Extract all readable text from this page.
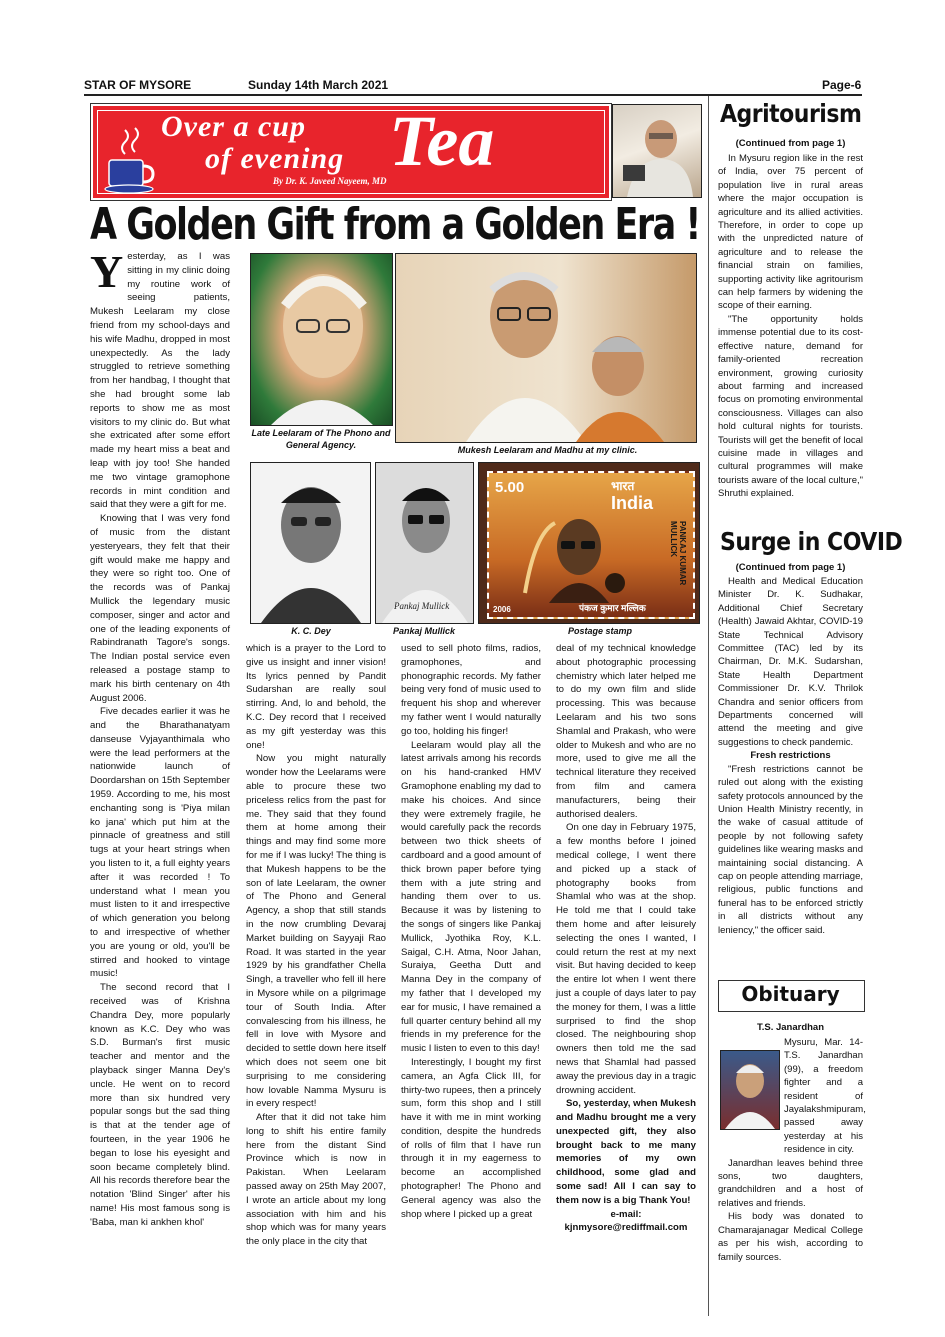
STAR OF MYSORE	Sunday 14th March 2021	Page-6
Over a cup
of evening Tea
By Dr. K. Javeed Nayeem, MD
A Golden Gift from a Golden Era !
Late Leelaram of The Phono and General Agency.	Mukesh Leelaram and Madhu at my clinic.
K. C. Dey
Pankaj Mullick
Pankaj Mullick
5.00	भारत
India
PANKAJ KUMAR MULLICK
2006	पंकज कुमार मल्लिक
Postage stamp

Yesterday, as I was sitting in my clinic doing my routine work of seeing patients, Mukesh Leelaram my close friend from my school-days and his wife Madhu, dropped in most unexpectedly. As the lady struggled to retrieve something from her handbag, I thought that she had brought some lab reports to show me as most visitors to my clinic do. But what she extricated after some effort made my heart miss a beat and leap with joy too! She handed me two vintage gramophone records in mint condition and said that they were a gift for me.

Knowing that I was very fond of music from the distant yesteryears, they felt that their gift would make me happy and they were so right too. One of the records was of Pankaj Mullick the legendary music composer, singer and actor and one of the leading exponents of Rabindranath Tagore's songs. The Indian postal service even released a postage stamp to mark his birth centenary on 4th August 2006.

Five decades earlier it was he and the Bharathanatyam danseuse Vyjayanthimala who were the lead performers at the nationwide launch of Doordarshan on 15th September 1959. According to me, his most enchanting song is 'Piya milan ko jana' which put him at the pinnacle of greatness and still tugs at your heart strings when you listen to it, a full eighty years after it was recorded ! To understand what I mean you must listen to it and irrespective of which generation you belong to and irrespective of whether you are young or old, you'll be stirred and hooked to vintage music!

The second record that I received was of Krishna Chandra Dey, more popularly known as K.C. Dey who was S.D. Burman's first music teacher and mentor and the playback singer Manna Dey's uncle. He went on to record more than six hundred very popular songs but the sad thing is that at the tender age of fourteen, in the year 1906 he began to lose his eyesight and soon became completely blind. All his records therefore bear the notation 'Blind Singer' after his name! His most famous song is 'Baba, man ki ankhen khol'

which is a prayer to the Lord to give us insight and inner vision! Its lyrics penned by Pandit Sudarshan are really soul stirring. And, lo and behold, the K.C. Dey record that I received as my gift yesterday was this one!

Now you might naturally wonder how the Leelarams were able to procure these two priceless relics from the past for me. They said that they found them at home among their things and may find some more for me if I was lucky! The thing is that Mukesh happens to be the son of late Leelaram, the owner of The Phono and General Agency, a shop that still stands in the now crumbling Devaraj Market building on Sayyaji Rao Road. It was started in the year 1929 by his grandfather Chella Singh, a traveller who fell ill here in Mysore while on a pilgrimage tour of South India. After convalescing from his illness, he fell in love with Mysore and decided to settle down here itself which does not seem one bit surprising to me considering how lovable Namma Mysuru is in every respect!

After that it did not take him long to shift his entire family here from the distant Sind Province which is now in Pakistan. When Leelaram passed away on 25th May 2007, I wrote an article about my long association with him and his shop which was for many years the only place in the city that

used to sell photo films, radios, gramophones, and phonographic records. My father being very fond of music used to frequent his shop and wherever my father went I would naturally go too, holding his finger!

Leelaram would play all the latest arrivals among his records on his hand-cranked HMV Gramophone enabling my dad to make his choices. And since they were extremely fragile, he would carefully pack the records between two thick sheets of cardboard and a good amount of thick brown paper before tying them with a jute string and handing them over to us. Because it was by listening to the songs of singers like Pankaj Mullick, Jyothika Roy, K.L. Saigal, C.H. Atma, Noor Jahan, Suraiya, Geetha Dutt and Manna Dey in the company of my father that I developed my ear for music, I have remained a full quarter century behind all my friends in my preference for the music I listen to even to this day!

Interestingly, I bought my first camera, an Agfa Click III, for thirty-two rupees, then a princely sum, form this shop and I still have it with me in mint working condition, despite the hundreds of rolls of film that I have run through it in my eagerness to become an accomplished photographer! The Phono and General agency was also the shop where I picked up a great

deal of my technical knowledge about photographic processing chemistry which later helped me to do my own film and slide processing. This was because Leelaram and his two sons Shamlal and Prakash, who were older to Mukesh and who are no more, used to give me all the technical literature they received from film and camera manufacturers, being their authorised dealers.

On one day in February 1975, a few months before I joined medical college, I went there and picked up a stack of photography books from Shamlal who was at the shop. He told me that I could take them home and after leisurely selecting the ones I wanted, I could return the rest at my next visit. But having decided to keep the entire lot when I went there just a couple of days later to pay the money for them, I was a little surprised to find the shop closed. The neighbouring shop owners then told me the sad news that Shamlal had passed away the previous day in a tragic drowning accident.

So, yesterday, when Mukesh and Madhu brought me a very unexpected gift, they also brought back to me many memories of my own childhood, some glad and some sad! All I can say to them now is a big Thank You!

e-mail:
kjnmysore@rediffmail.com
Agritourism
(Continued from page 1)

In Mysuru region like in the rest of India, over 75 percent of population live in rural areas where the major occupation is agriculture and its allied activities. Therefore, in order to cope up with the unpredicted nature of agriculture and to release the financial strain on families, supporting activity like agritourism can help farmers by widening the scope of their earning.

"The opportunity holds immense potential due to its cost-effective nature, demand for family-oriented recreation environment, growing curiosity about farming and increased focus on promoting environmental consciousness. Villages can also hold cultural nights for tourists. Tourists will get the benefit of local cuisine made in villages and cultural programmes will make tourists aware of the local culture," Shruthi explained.

Surge in COVID
(Continued from page 1)

Health and Medical Education Minister Dr. K. Sudhakar, Additional Chief Secretary (Health) Jawaid Akhtar, COVID-19 State Technical Advisory Committee (TAC) led by its Chairman, Dr. M.K. Sudarshan, State Health Department Commissioner Dr. K.V. Thrilok Chandra and senior officers from Departments concerned will attend the meeting and give suggestions to check pandemic.

Fresh restrictions

"Fresh restrictions cannot be ruled out along with the existing safety protocols announced by the Union Health Ministry recently, in the wake of casual attitude of people by not following safety guidelines like wearing masks and maintaining social distancing. A cap on people attending marriage, religious, public functions and funeral has to be enforced strictly in all districts without any leniency," the officer said.

Obituary
T.S. Janardhan

Mysuru, Mar. 14- T.S. Janardhan (99), a freedom fighter and a resident of Jayalakshmipuram, passed away yesterday at his residence in city.

Janardhan leaves behind three sons, two daughters, grandchildren and a host of relatives and friends.

His body was donated to Chamarajanagar Medical College as per his wish, according to family sources.
